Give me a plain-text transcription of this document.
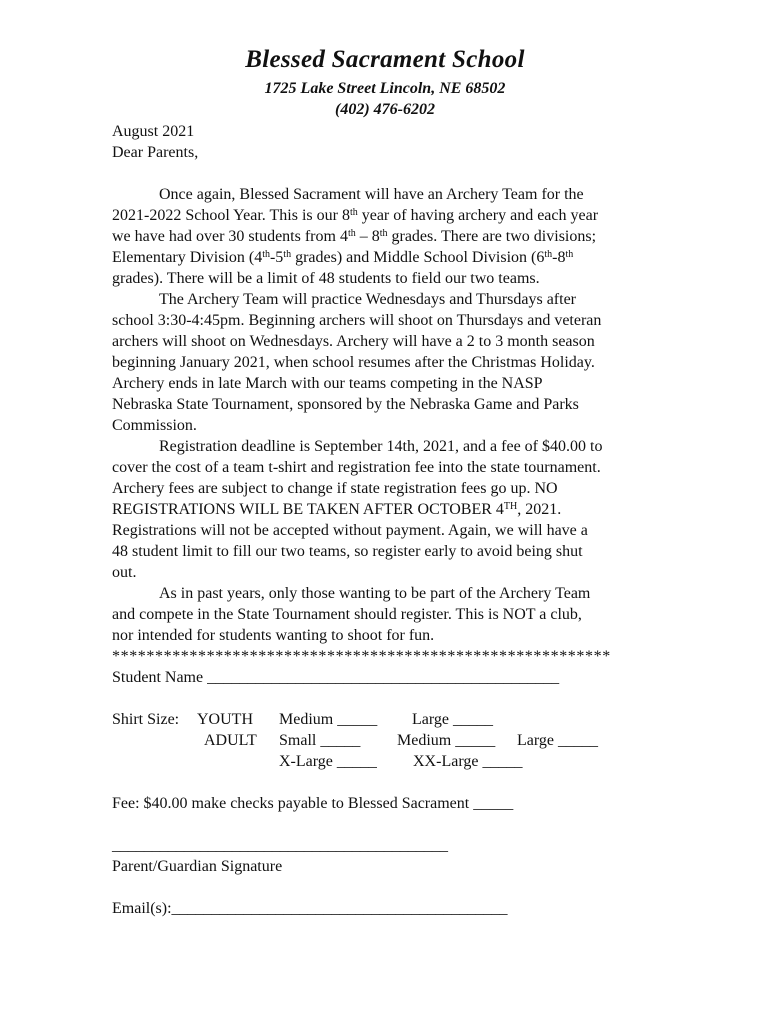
Blessed Sacrament School
1725 Lake Street Lincoln, NE 68502
(402) 476-6202
August 2021
Dear Parents,
Once again, Blessed Sacrament will have an Archery Team for the
2021-2022 School Year. This is our 8th year of having archery and each year
we have had over 30 students from 4th – 8th grades. There are two divisions;
Elementary Division (4th-5th grades) and Middle School Division (6th-8th
grades). There will be a limit of 48 students to field our two teams.
The Archery Team will practice Wednesdays and Thursdays after
school 3:30-4:45pm. Beginning archers will shoot on Thursdays and veteran
archers will shoot on Wednesdays. Archery will have a 2 to 3 month season
beginning January 2021, when school resumes after the Christmas Holiday.
Archery ends in late March with our teams competing in the NASP
Nebraska State Tournament, sponsored by the Nebraska Game and Parks
Commission.
Registration deadline is September 14th, 2021, and a fee of $40.00 to
cover the cost of a team t-shirt and registration fee into the state tournament.
Archery fees are subject to change if state registration fees go up. NO
REGISTRATIONS WILL BE TAKEN AFTER OCTOBER 4TH, 2021.
Registrations will not be accepted without payment. Again, we will have a
48 student limit to fill our two teams, so register early to avoid being shut
out.
As in past years, only those wanting to be part of the Archery Team
and compete in the State Tournament should register. This is NOT a club,
nor intended for students wanting to shoot for fun.
**********************************************************
Student Name ____________________________________________
Shirt Size: YOUTH Medium _____ Large _____
ADULT Small _____ Medium _____ Large _____
X-Large _____ XX-Large _____
Fee: $40.00 make checks payable to Blessed Sacrament _____
__________________________________________
Parent/Guardian Signature
Email(s):__________________________________________
